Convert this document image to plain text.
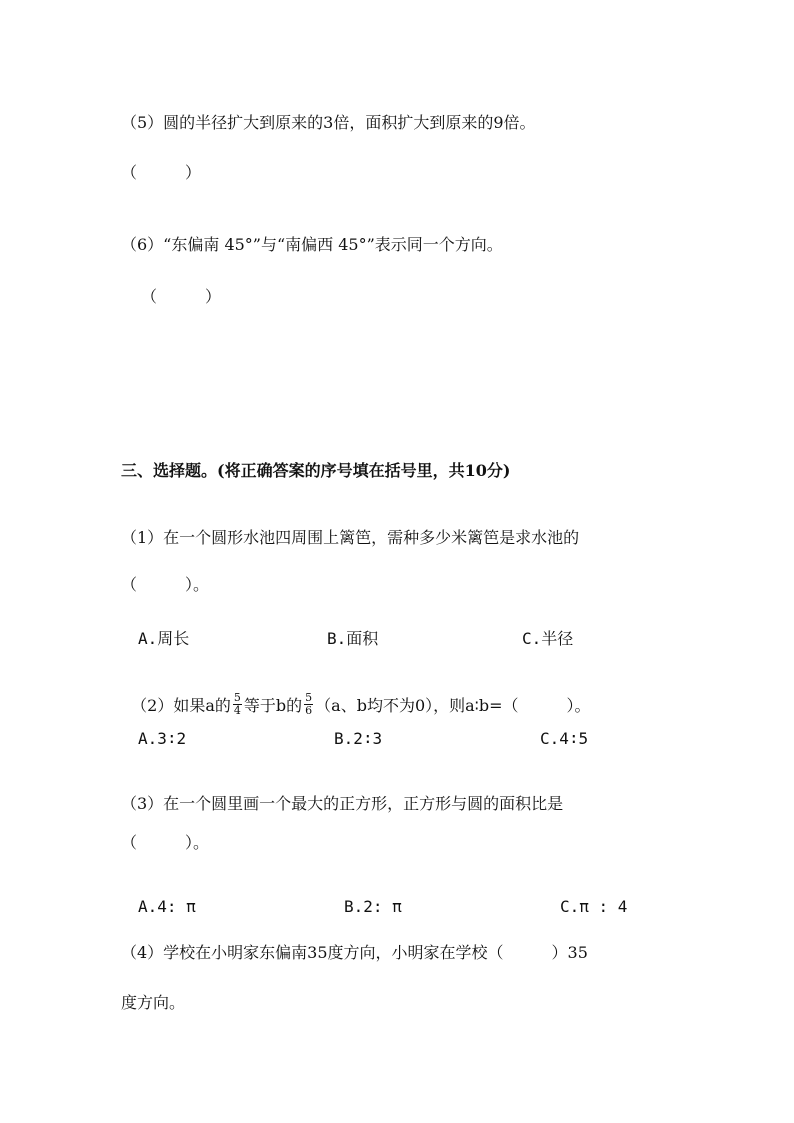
（5）圆的半径扩大到原来的3倍，面积扩大到原来的9倍。
（　　　）
（6）“东偏南 45°”与“南偏西 45°”表示同一个方向。
（　　　）
三、选择题。(将正确答案的序号填在括号里，共10分)
（1）在一个圆形水池四周围上篱笆，需种多少米篱笆是求水池的
（　　　）。
A.周长	B.面积	C.半径

（2）如果a的 $\frac{5}{4}$ 等于b的 $\frac{5}{6} (a$、b均不为0），则a∶b=（　　　）。

A.3∶2	B.2∶3	C.4∶5
（3）在一个圆里画一个最大的正方形，正方形与圆的面积比是
（　　　）。
A.4: π	B.2: π	C.π : 4
（4）学校在小明家东偏南35度方向，小明家在学校（　　　）35
度方向。
